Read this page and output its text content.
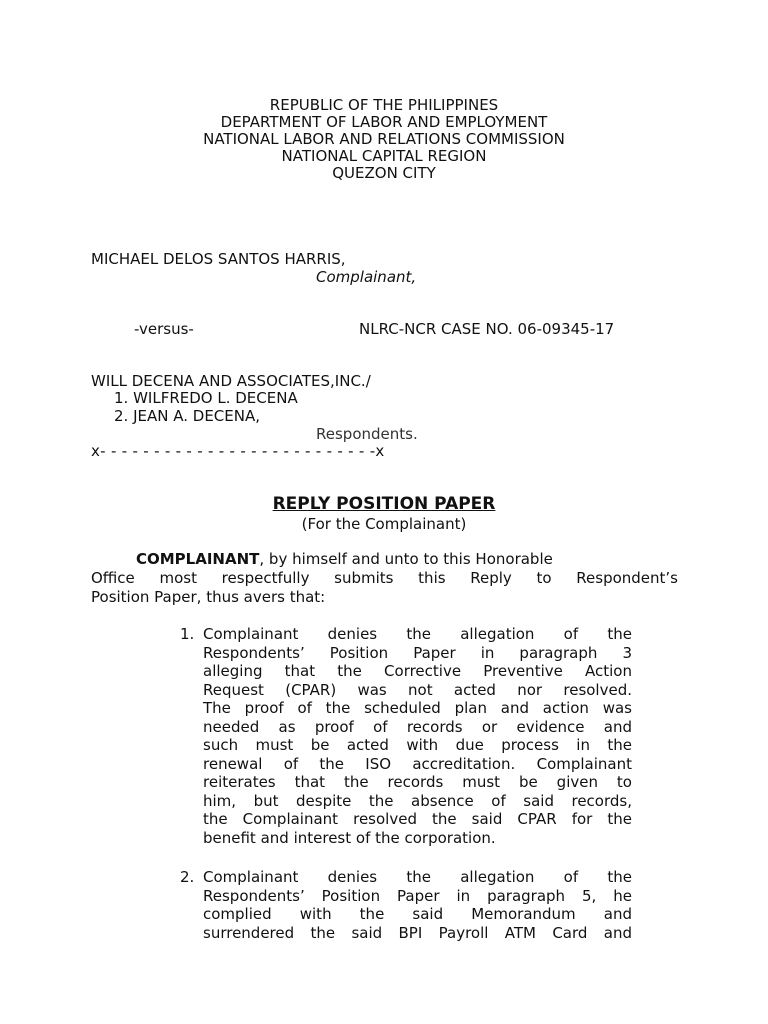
REPUBLIC OF THE PHILIPPINES
DEPARTMENT OF LABOR AND EMPLOYMENT
NATIONAL LABOR AND RELATIONS COMMISSION
NATIONAL CAPITAL REGION
QUEZON CITY
MICHAEL DELOS SANTOS HARRIS,
Complainant,
-versus-	NLRC-NCR CASE NO. 06-09345-17
WILL DECENA AND ASSOCIATES,INC./
1. WILFREDO L. DECENA
2. JEAN A. DECENA,
Respondents.
x- - - - - - - - - - - - - - - - - - - - - - - - - -x
REPLY POSITION PAPER
(For the Complainant)
COMPLAINANT, by himself and unto to this Honorable
Office most respectfully submits this Reply to Respondent’s
Position Paper, thus avers that:
1. Complainant denies the allegation of the
Respondents’ Position Paper in paragraph 3
alleging that the Corrective Preventive Action
Request (CPAR) was not acted nor resolved.
The proof of the scheduled plan and action was
needed as proof of records or evidence and
such must be acted with due process in the
renewal of the ISO accreditation. Complainant
reiterates that the records must be given to
him, but despite the absence of said records,
the Complainant resolved the said CPAR for the
benefit and interest of the corporation.
2. Complainant denies the allegation of the
Respondents’ Position Paper in paragraph 5, he
complied with the said Memorandum and
surrendered the said BPI Payroll ATM Card and
